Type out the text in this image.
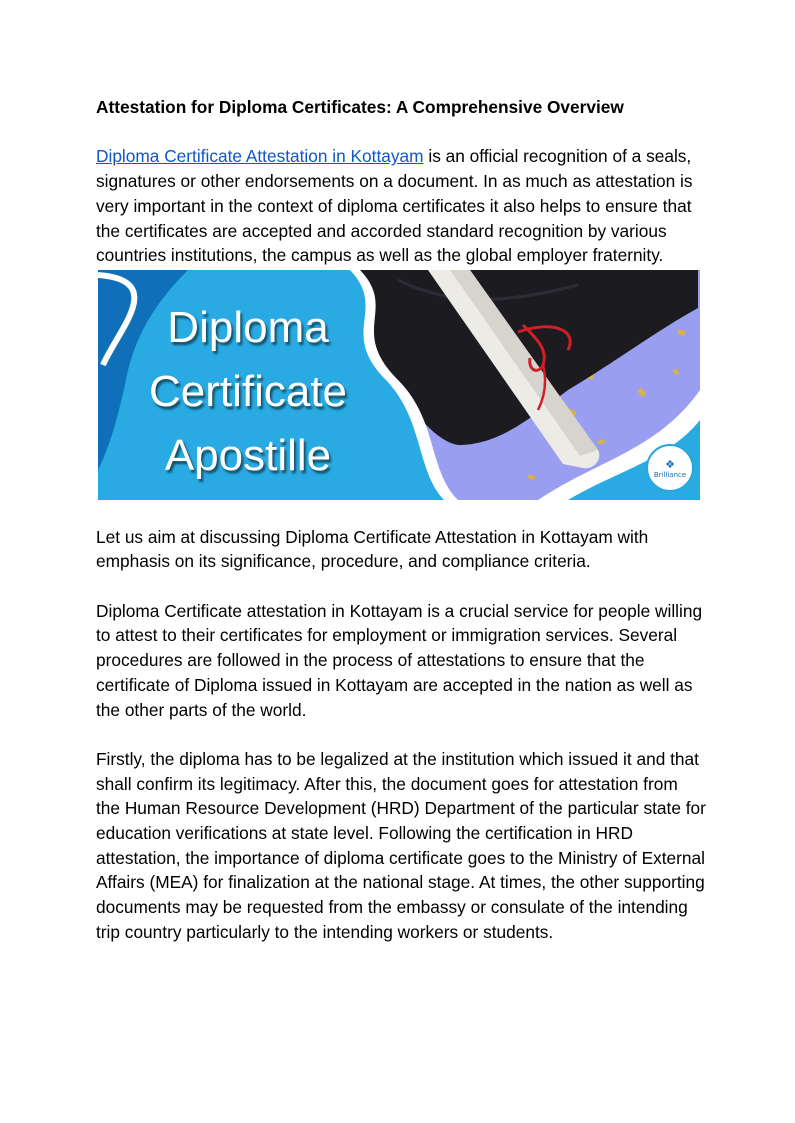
Attestation for Diploma Certificates: A Comprehensive Overview

Diploma Certificate Attestation in Kottayam is an official recognition of a seals, signatures or other endorsements on a document. In as much as attestation is very important in the context of diploma certificates it also helps to ensure that the certificates are accepted and accorded standard recognition by various countries institutions, the campus as well as the global employer fraternity.

Diploma
Certificate
Apostille	❖
Brilliance

Let us aim at discussing Diploma Certificate Attestation in Kottayam with emphasis on its significance, procedure, and compliance criteria.

Diploma Certificate attestation in Kottayam is a crucial service for people willing to attest to their certificates for employment or immigration services. Several procedures are followed in the process of attestations to ensure that the certificate of Diploma issued in Kottayam are accepted in the nation as well as the other parts of the world.

Firstly, the diploma has to be legalized at the institution which issued it and that shall confirm its legitimacy. After this, the document goes for attestation from the Human Resource Development (HRD) Department of the particular state for education verifications at state level. Following the certification in HRD attestation, the importance of diploma certificate goes to the Ministry of External Affairs (MEA) for finalization at the national stage. At times, the other supporting documents may be requested from the embassy or consulate of the intending trip country particularly to the intending workers or students.
